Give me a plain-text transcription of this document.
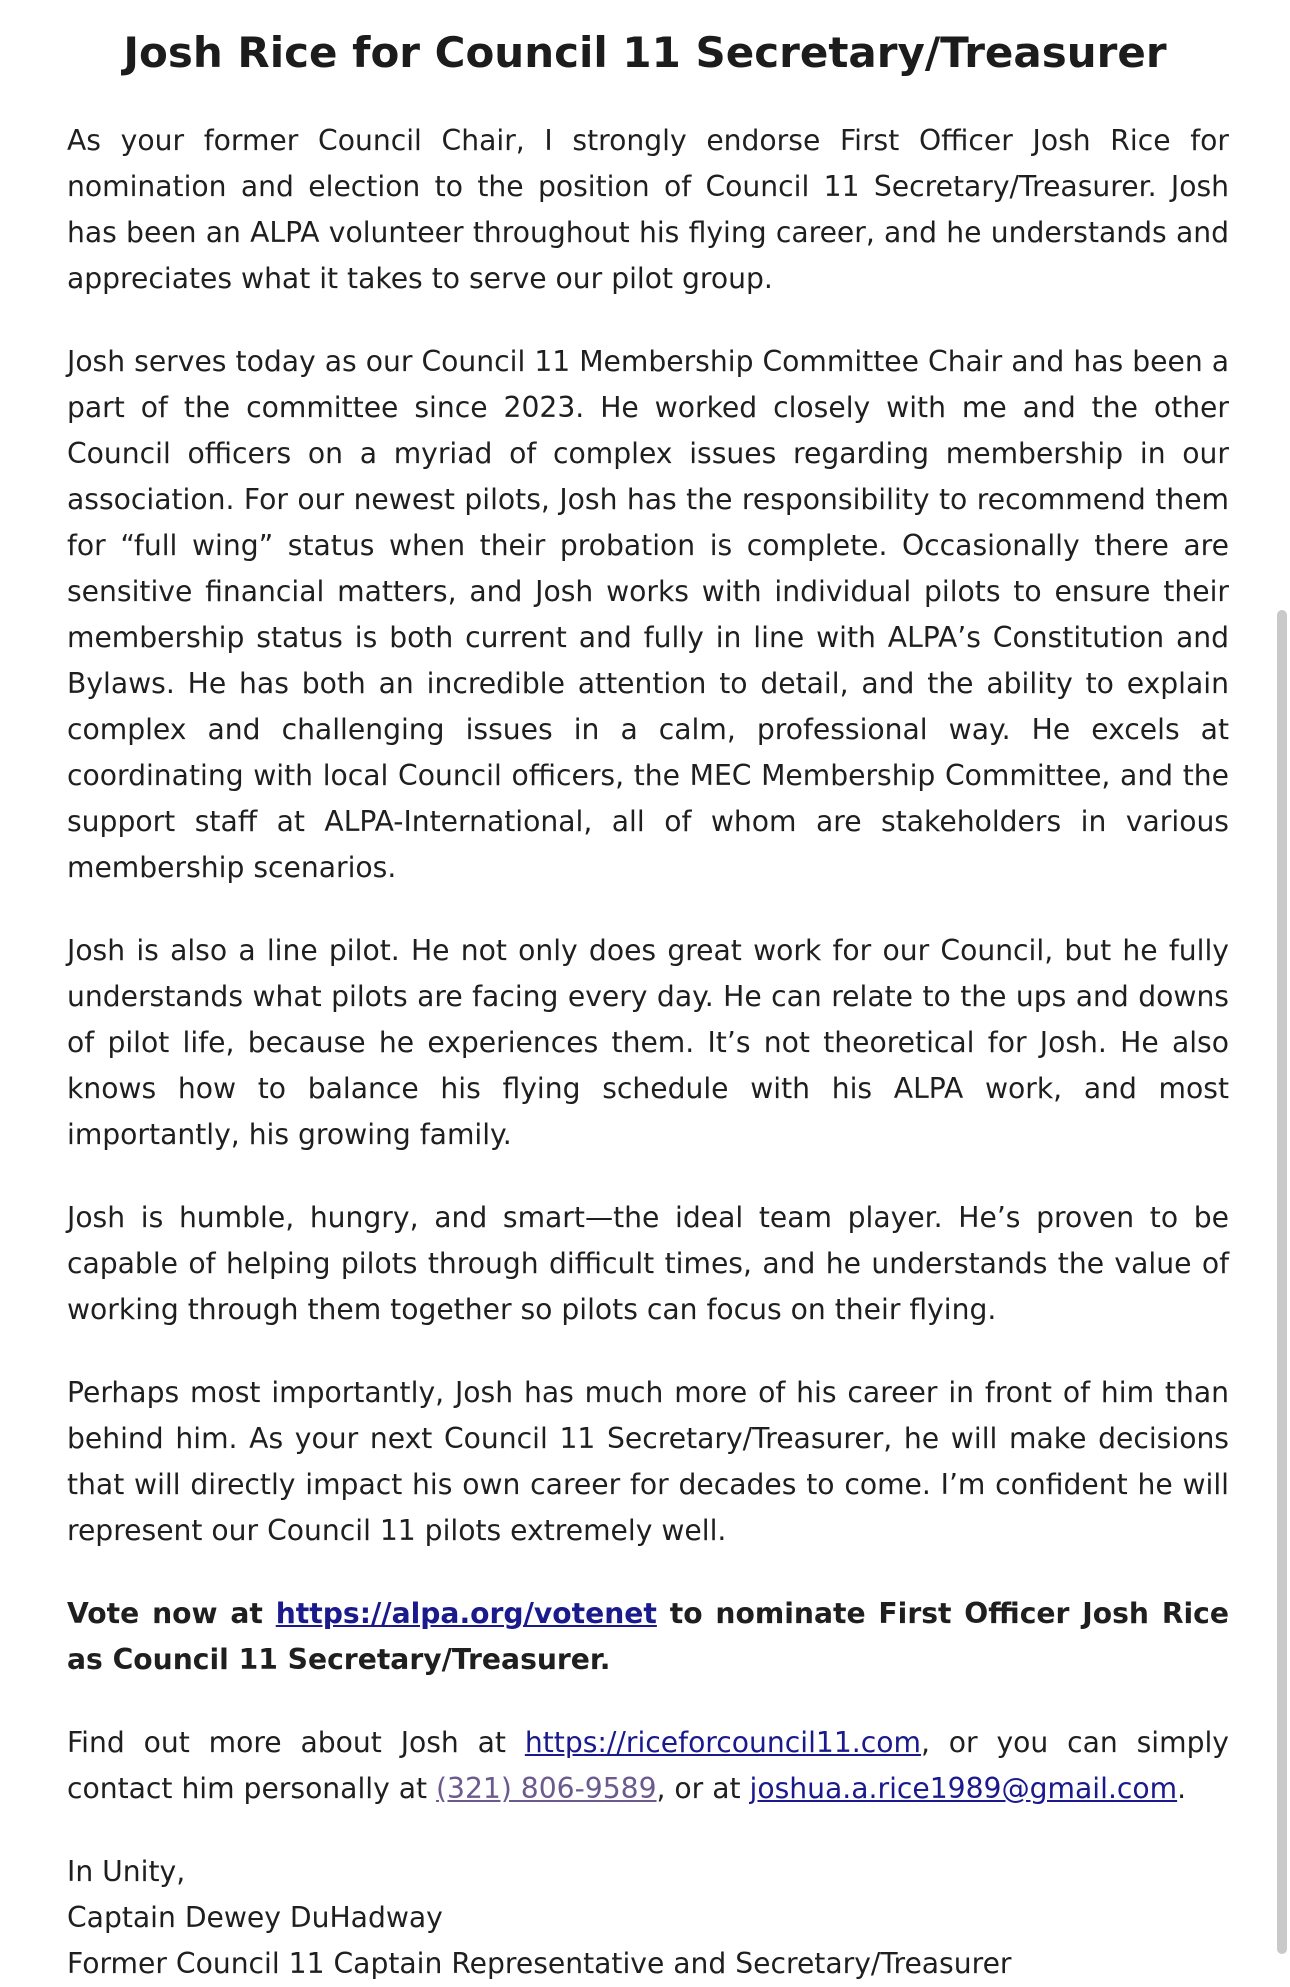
Josh Rice for Council 11 Secretary/Treasurer

As your former Council Chair, I strongly endorse First Officer Josh Rice for nomination and election to the position of Council 11 Secretary/Treasurer. Josh has been an ALPA volunteer throughout his flying career, and he understands and appreciates what it takes to serve our pilot group.

Josh serves today as our Council 11 Membership Committee Chair and has been a part of the committee since 2023. He worked closely with me and the other Council officers on a myriad of complex issues regarding membership in our association. For our newest pilots, Josh has the responsibility to recommend them for “full wing” status when their probation is complete. Occasionally there are sensitive financial matters, and Josh works with individual pilots to ensure their membership status is both current and fully in line with ALPA’s Constitution and Bylaws. He has both an incredible attention to detail, and the ability to explain complex and challenging issues in a calm, professional way. He excels at coordinating with local Council officers, the MEC Membership Committee, and the support staff at ALPA-International, all of whom are stakeholders in various membership scenarios.

Josh is also a line pilot. He not only does great work for our Council, but he fully understands what pilots are facing every day. He can relate to the ups and downs of pilot life, because he experiences them. It’s not theoretical for Josh. He also knows how to balance his flying schedule with his ALPA work, and most importantly, his growing family.

Josh is humble, hungry, and smart—the ideal team player. He’s proven to be capable of helping pilots through difficult times, and he understands the value of working through them together so pilots can focus on their flying.

Perhaps most importantly, Josh has much more of his career in front of him than behind him. As your next Council 11 Secretary/Treasurer, he will make decisions that will directly impact his own career for decades to come. I’m confident he will represent our Council 11 pilots extremely well.

Vote now at https://alpa.org/votenet to nominate First Officer Josh Rice as Council 11 Secretary/Treasurer.

Find out more about Josh at https://riceforcouncil11.com, or you can simply contact him personally at (321) 806-9589, or at joshua.a.rice1989@gmail.com.

In Unity,
Captain Dewey DuHadway
Former Council 11 Captain Representative and Secretary/Treasurer
